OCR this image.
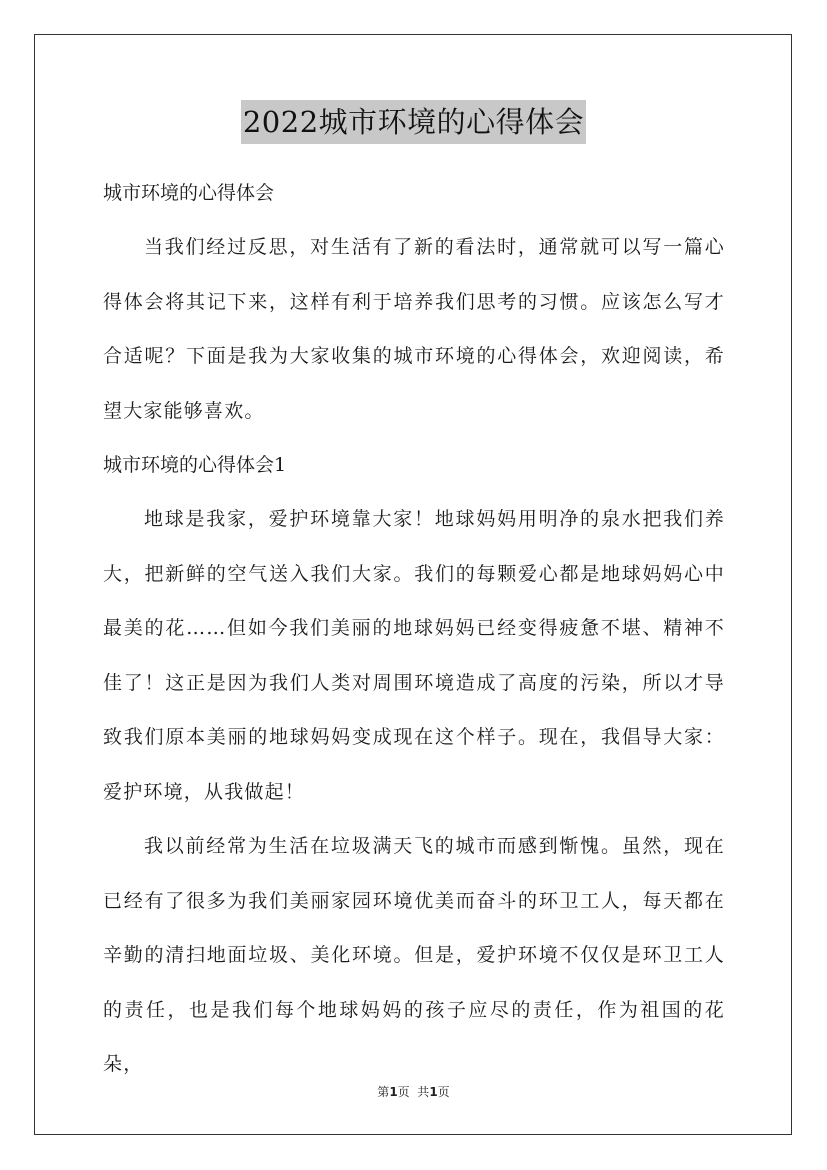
2022城市环境的心得体会

城市环境的心得体会

当我们经过反思，对生活有了新的看法时，通常就可以写一篇心得体会将其记下来，这样有利于培养我们思考的习惯。应该怎么写才合适呢？下面是我为大家收集的城市环境的心得体会，欢迎阅读，希望大家能够喜欢。

城市环境的心得体会1

地球是我家，爱护环境靠大家！地球妈妈用明净的泉水把我们养大，把新鲜的空气送入我们大家。我们的每颗爱心都是地球妈妈心中最美的花……但如今我们美丽的地球妈妈已经变得疲惫不堪、精神不佳了！这正是因为我们人类对周围环境造成了高度的污染，所以才导致我们原本美丽的地球妈妈变成现在这个样子。现在，我倡导大家：爱护环境，从我做起！

我以前经常为生活在垃圾满天飞的城市而感到惭愧。虽然，现在已经有了很多为我们美丽家园环境优美而奋斗的环卫工人，每天都在辛勤的清扫地面垃圾、美化环境。但是，爱护环境不仅仅是环卫工人的责任，也是我们每个地球妈妈的孩子应尽的责任，作为祖国的花朵，

第1页  共1页
